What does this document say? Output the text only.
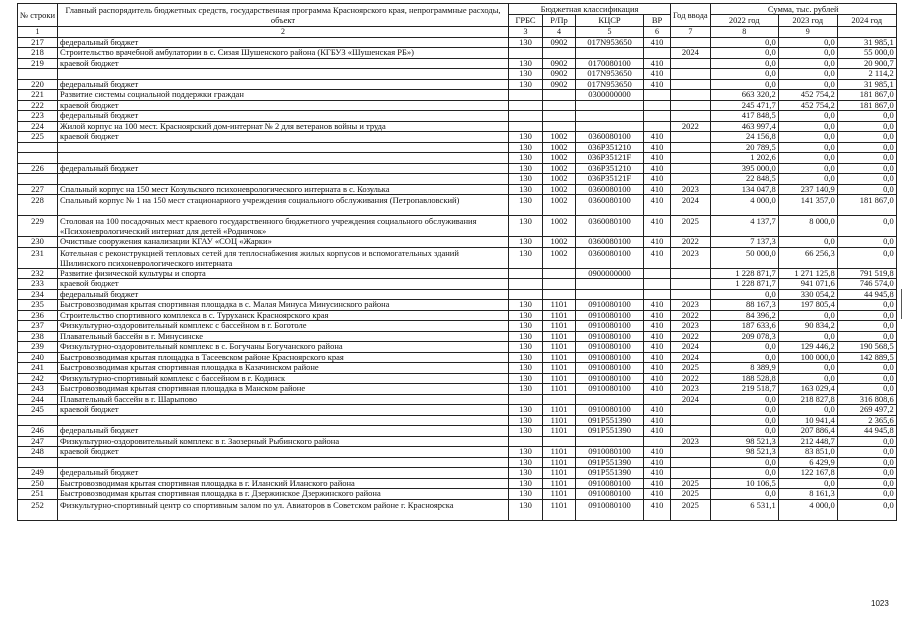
№ строки	Главный распорядитель бюджетных средств, государственная программа Красноярского края, непрограммные расходы, объект	Бюджетная классификация				Год ввода	Сумма, тыс. рублей		
		ГРБС	Р/Пр	КЦСР	ВР		2022 год	2023 год	2024 год
1	2	3	4	5	6	7	8	9	
217	федеральный бюджет	130	0902	017N953650	410		0,0	0,0	31 985,1
218	Строительство врачебной амбулатории в с. Сизая Шушенского района (КГБУЗ «Шушенская РБ»)					2024	0,0	0,0	55 000,0
219	краевой бюджет	130	0902	0170080100	410		0,0	0,0	20 900,7
		130	0902	017N953650	410		0,0	0,0	2 114,2
220	федеральный бюджет	130	0902	017N953650	410		0,0	0,0	31 985,1
221	Развитие системы социальной поддержки граждан			0300000000			663 320,2	452 754,2	181 867,0
222	краевой бюджет						245 471,7	452 754,2	181 867,0
223	федеральный бюджет						417 848,5	0,0	0,0
224	Жилой корпус на 100 мест. Красноярский дом-интернат № 2 для ветеранов войны и труда					2022	463 997,4	0,0	0,0
225	краевой бюджет	130	1002	0360080100	410		24 156,8	0,0	0,0
		130	1002	036P351210	410		20 789,5	0,0	0,0
		130	1002	036P35121F	410		1 202,6	0,0	0,0
226	федеральный бюджет	130	1002	036P351210	410		395 000,0	0,0	0,0
		130	1002	036P35121F	410		22 848,5	0,0	0,0
227	Спальный корпус на 150 мест Козульского психоневрологического интерната в с. Козулька	130	1002	0360080100	410	2023	134 047,8	237 140,9	0,0
228	Спальный корпус № 1 на 150 мест стационарного учреждения социального обслуживания (Петропавловский)	130	1002	0360080100	410	2024	4 000,0	141 357,0	181 867,0
229	Столовая на 100 посадочных мест краевого государственного бюджетного учреждения социального обслуживания «Психоневрологический интернат для детей «Родничок»	130	1002	0360080100	410	2025	4 137,7	8 000,0	0,0
230	Очистные сооружения канализации КГАУ «СОЦ «Жарки»	130	1002	0360080100	410	2022	7 137,3	0,0	0,0
231	Котельная с реконструкцией тепловых сетей для теплоснабжения жилых корпусов и вспомогательных зданий Шилинского психоневрологического интерната	130	1002	0360080100	410	2023	50 000,0	66 256,3	0,0
232	Развитие физической культуры и спорта			0900000000			1 228 871,7	1 271 125,8	791 519,8
233	краевой бюджет						1 228 871,7	941 071,6	746 574,0
234	федеральный бюджет						0,0	330 054,2	44 945,8
235	Быстровозводимая крытая спортивная площадка в с. Малая Минуса Минусинского района	130	1101	0910080100	410	2023	88 167,3	197 805,4	0,0
236	Строительство спортивного комплекса в с. Туруханск Красноярского края	130	1101	0910080100	410	2022	84 396,2	0,0	0,0
237	Физкультурно-оздоровительный комплекс с бассейном в г. Боготоле	130	1101	0910080100	410	2023	187 633,6	90 834,2	0,0
238	Плавательный бассейн в г. Минусинске	130	1101	0910080100	410	2022	209 078,3	0,0	0,0
239	Физкультурно-оздоровительный комплекс в с. Богучаны Богучанского района	130	1101	0910080100	410	2024	0,0	129 446,2	190 568,5
240	Быстровозводимая крытая площадка в Тасеевском районе Красноярского края	130	1101	0910080100	410	2024	0,0	100 000,0	142 889,5
241	Быстровозводимая крытая спортивная площадка в Казачинском районе	130	1101	0910080100	410	2025	8 389,9	0,0	0,0
242	Физкультурно-спортивный комплекс с бассейном в г. Кодинск	130	1101	0910080100	410	2022	188 528,8	0,0	0,0
243	Быстровозводимая крытая спортивная площадка в Манском районе	130	1101	0910080100	410	2023	219 518,7	163 029,4	0,0
244	Плавательный бассейн в г. Шарыпово					2024	0,0	218 827,8	316 808,6
245	краевой бюджет	130	1101	0910080100	410		0,0	0,0	269 497,2
		130	1101	091P551390	410		0,0	10 941,4	2 365,6
246	федеральный бюджет	130	1101	091P551390	410		0,0	207 886,4	44 945,8
247	Физкультурно-оздоровительный комплекс в г. Заозерный Рыбинского района					2023	98 521,3	212 448,7	0,0
248	краевой бюджет	130	1101	0910080100	410		98 521,3	83 851,0	0,0
		130	1101	091P551390	410		0,0	6 429,9	0,0
249	федеральный бюджет	130	1101	091P551390	410		0,0	122 167,8	0,0
250	Быстровозводимая крытая спортивная площадка в г. Иланский Иланского района	130	1101	0910080100	410	2025	10 106,5	0,0	0,0
251	Быстровозводимая крытая спортивная площадка в г. Дзержинское Дзержинского района	130	1101	0910080100	410	2025	0,0	8 161,3	0,0
252	Физкультурно-спортивный центр со спортивным залом по ул. Авиаторов в Советском районе г. Красноярска	130	1101	0910080100	410	2025	6 531,1	4 000,0	0,0
1023
